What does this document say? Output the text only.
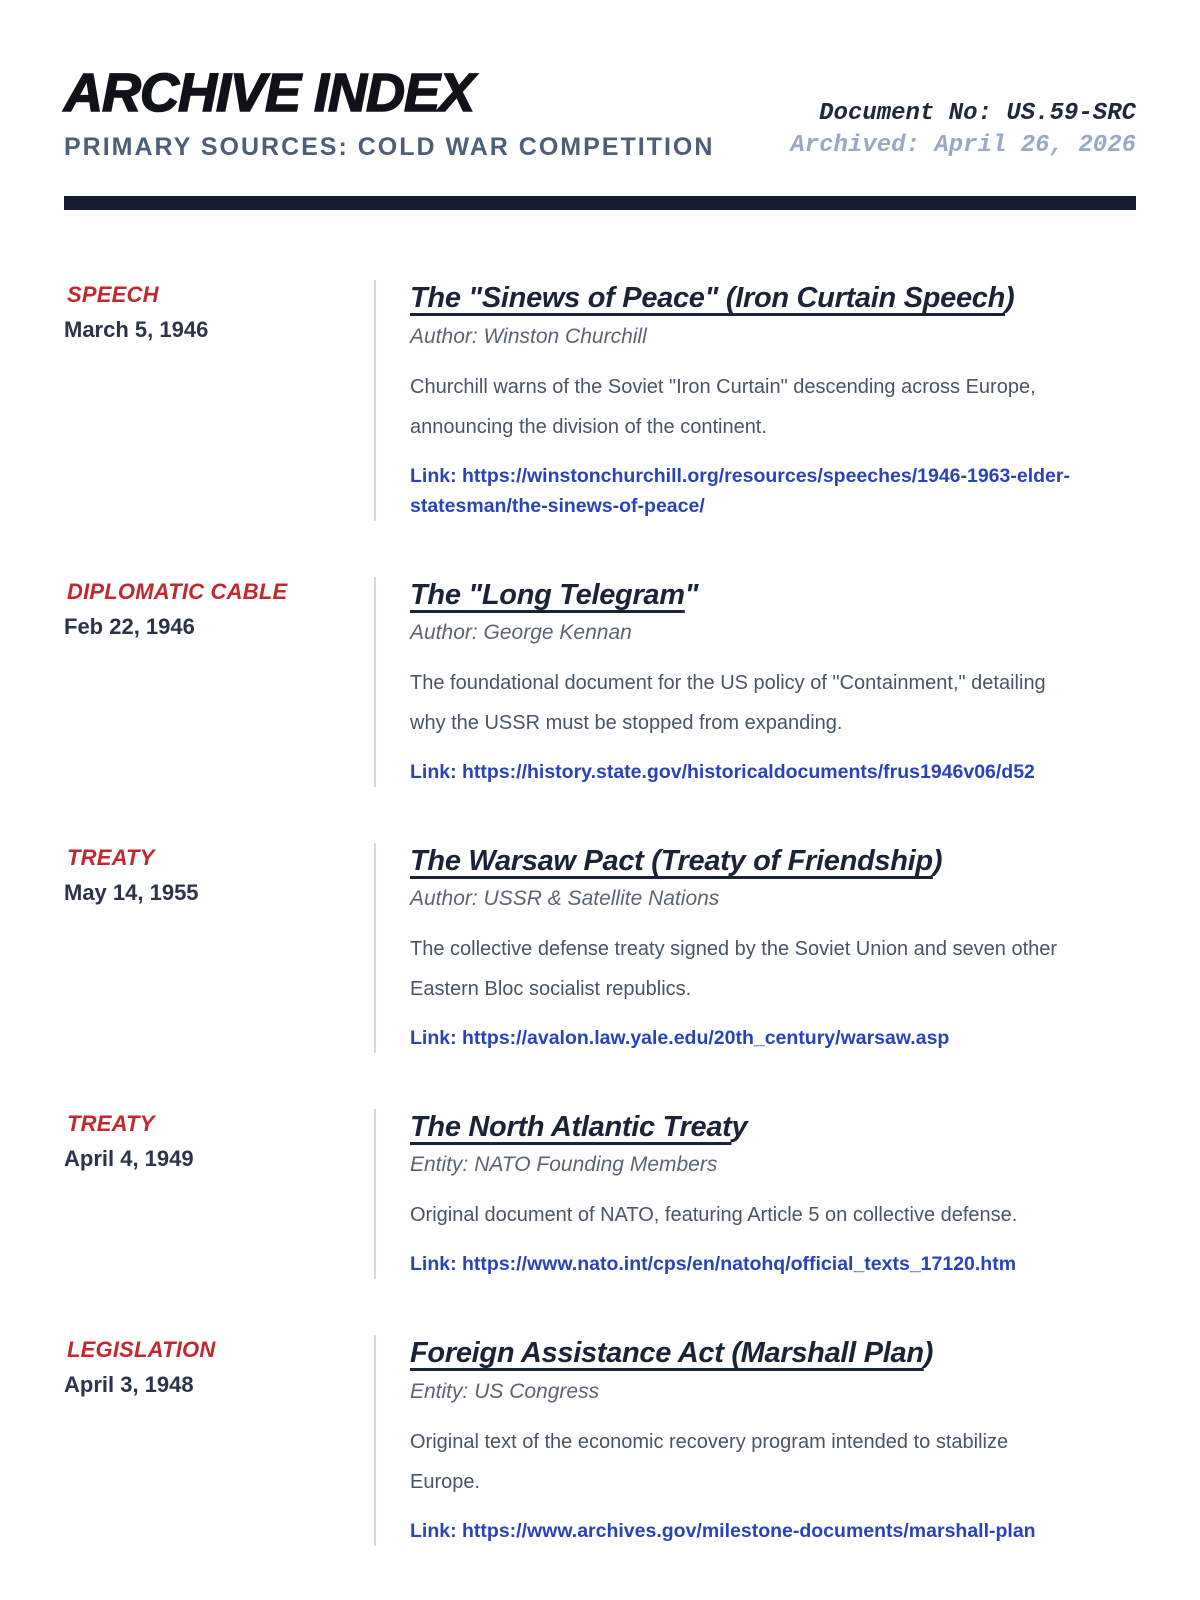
ARCHIVE INDEX
PRIMARY SOURCES: COLD WAR COMPETITION
Document No: US.59-SRC
Archived: April 26, 2026
SPEECH
March 5, 1946
The "Sinews of Peace" (Iron Curtain Speech)
Author: Winston Churchill

Churchill warns of the Soviet "Iron Curtain" descending across Europe, announcing the division of the continent.

Link: https://winstonchurchill.org/resources/speeches/1946-1963-elder-statesman/the-sinews-of-peace/
DIPLOMATIC CABLE
Feb 22, 1946
The "Long Telegram"
Author: George Kennan

The foundational document for the US policy of "Containment," detailing why the USSR must be stopped from expanding.

Link: https://history.state.gov/historicaldocuments/frus1946v06/d52
TREATY
May 14, 1955
The Warsaw Pact (Treaty of Friendship)
Author: USSR & Satellite Nations

The collective defense treaty signed by the Soviet Union and seven other Eastern Bloc socialist republics.

Link: https://avalon.law.yale.edu/20th_century/warsaw.asp
TREATY
April 4, 1949
The North Atlantic Treaty
Entity: NATO Founding Members

Original document of NATO, featuring Article 5 on collective defense.

Link: https://www.nato.int/cps/en/natohq/official_texts_17120.htm
LEGISLATION
April 3, 1948
Foreign Assistance Act (Marshall Plan)
Entity: US Congress

Original text of the economic recovery program intended to stabilize Europe.

Link: https://www.archives.gov/milestone-documents/marshall-plan
